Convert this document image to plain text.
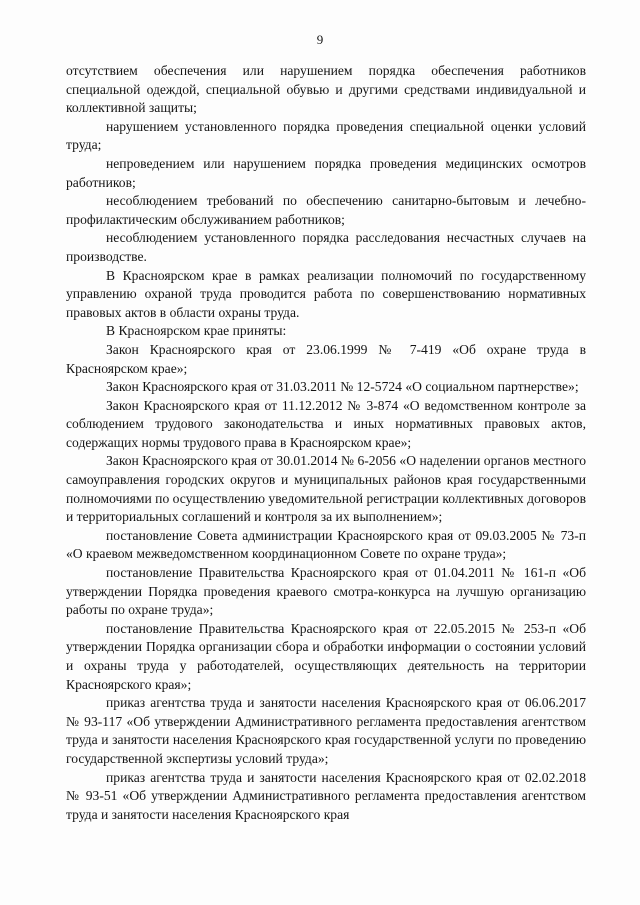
9

отсутствием обеспечения или нарушением порядка обеспечения работников специальной одеждой, специальной обувью и другими средствами индивидуальной и коллективной защиты;

нарушением установленного порядка проведения специальной оценки условий труда;

непроведением или нарушением порядка проведения медицинских осмотров работников;

несоблюдением требований по обеспечению санитарно-бытовым и лечебно-профилактическим обслуживанием работников;

несоблюдением установленного порядка расследования несчастных случаев на производстве.

В Красноярском крае в рамках реализации полномочий по государственному управлению охраной труда проводится работа по совершенствованию нормативных правовых актов в области охраны труда.

В Красноярском крае приняты:

Закон Красноярского края от 23.06.1999 № 7-419 «Об охране труда в Красноярском крае»;

Закон Красноярского края от 31.03.2011 № 12-5724 «О социальном партнерстве»;

Закон Красноярского края от 11.12.2012 № 3-874 «О ведомственном контроле за соблюдением трудового законодательства и иных нормативных правовых актов, содержащих нормы трудового права в Красноярском крае»;

Закон Красноярского края от 30.01.2014 № 6-2056 «О наделении органов местного самоуправления городских округов и муниципальных районов края государственными полномочиями по осуществлению уведомительной регистрации коллективных договоров и территориальных соглашений и контроля за их выполнением»;

постановление Совета администрации Красноярского края от 09.03.2005 № 73-п «О краевом межведомственном координационном Совете по охране труда»;

постановление Правительства Красноярского края от 01.04.2011 № 161-п «Об утверждении Порядка проведения краевого смотра-конкурса на лучшую организацию работы по охране труда»;

постановление Правительства Красноярского края от 22.05.2015 № 253-п «Об утверждении Порядка организации сбора и обработки информации о состоянии условий и охраны труда у работодателей, осуществляющих деятельность на территории Красноярского края»;

приказ агентства труда и занятости населения Красноярского края от 06.06.2017 № 93-117 «Об утверждении Административного регламента предоставления агентством труда и занятости населения Красноярского края государственной услуги по проведению государственной экспертизы условий труда»;

приказ агентства труда и занятости населения Красноярского края от 02.02.2018 № 93-51 «Об утверждении Административного регламента предоставления агентством труда и занятости населения Красноярского края
